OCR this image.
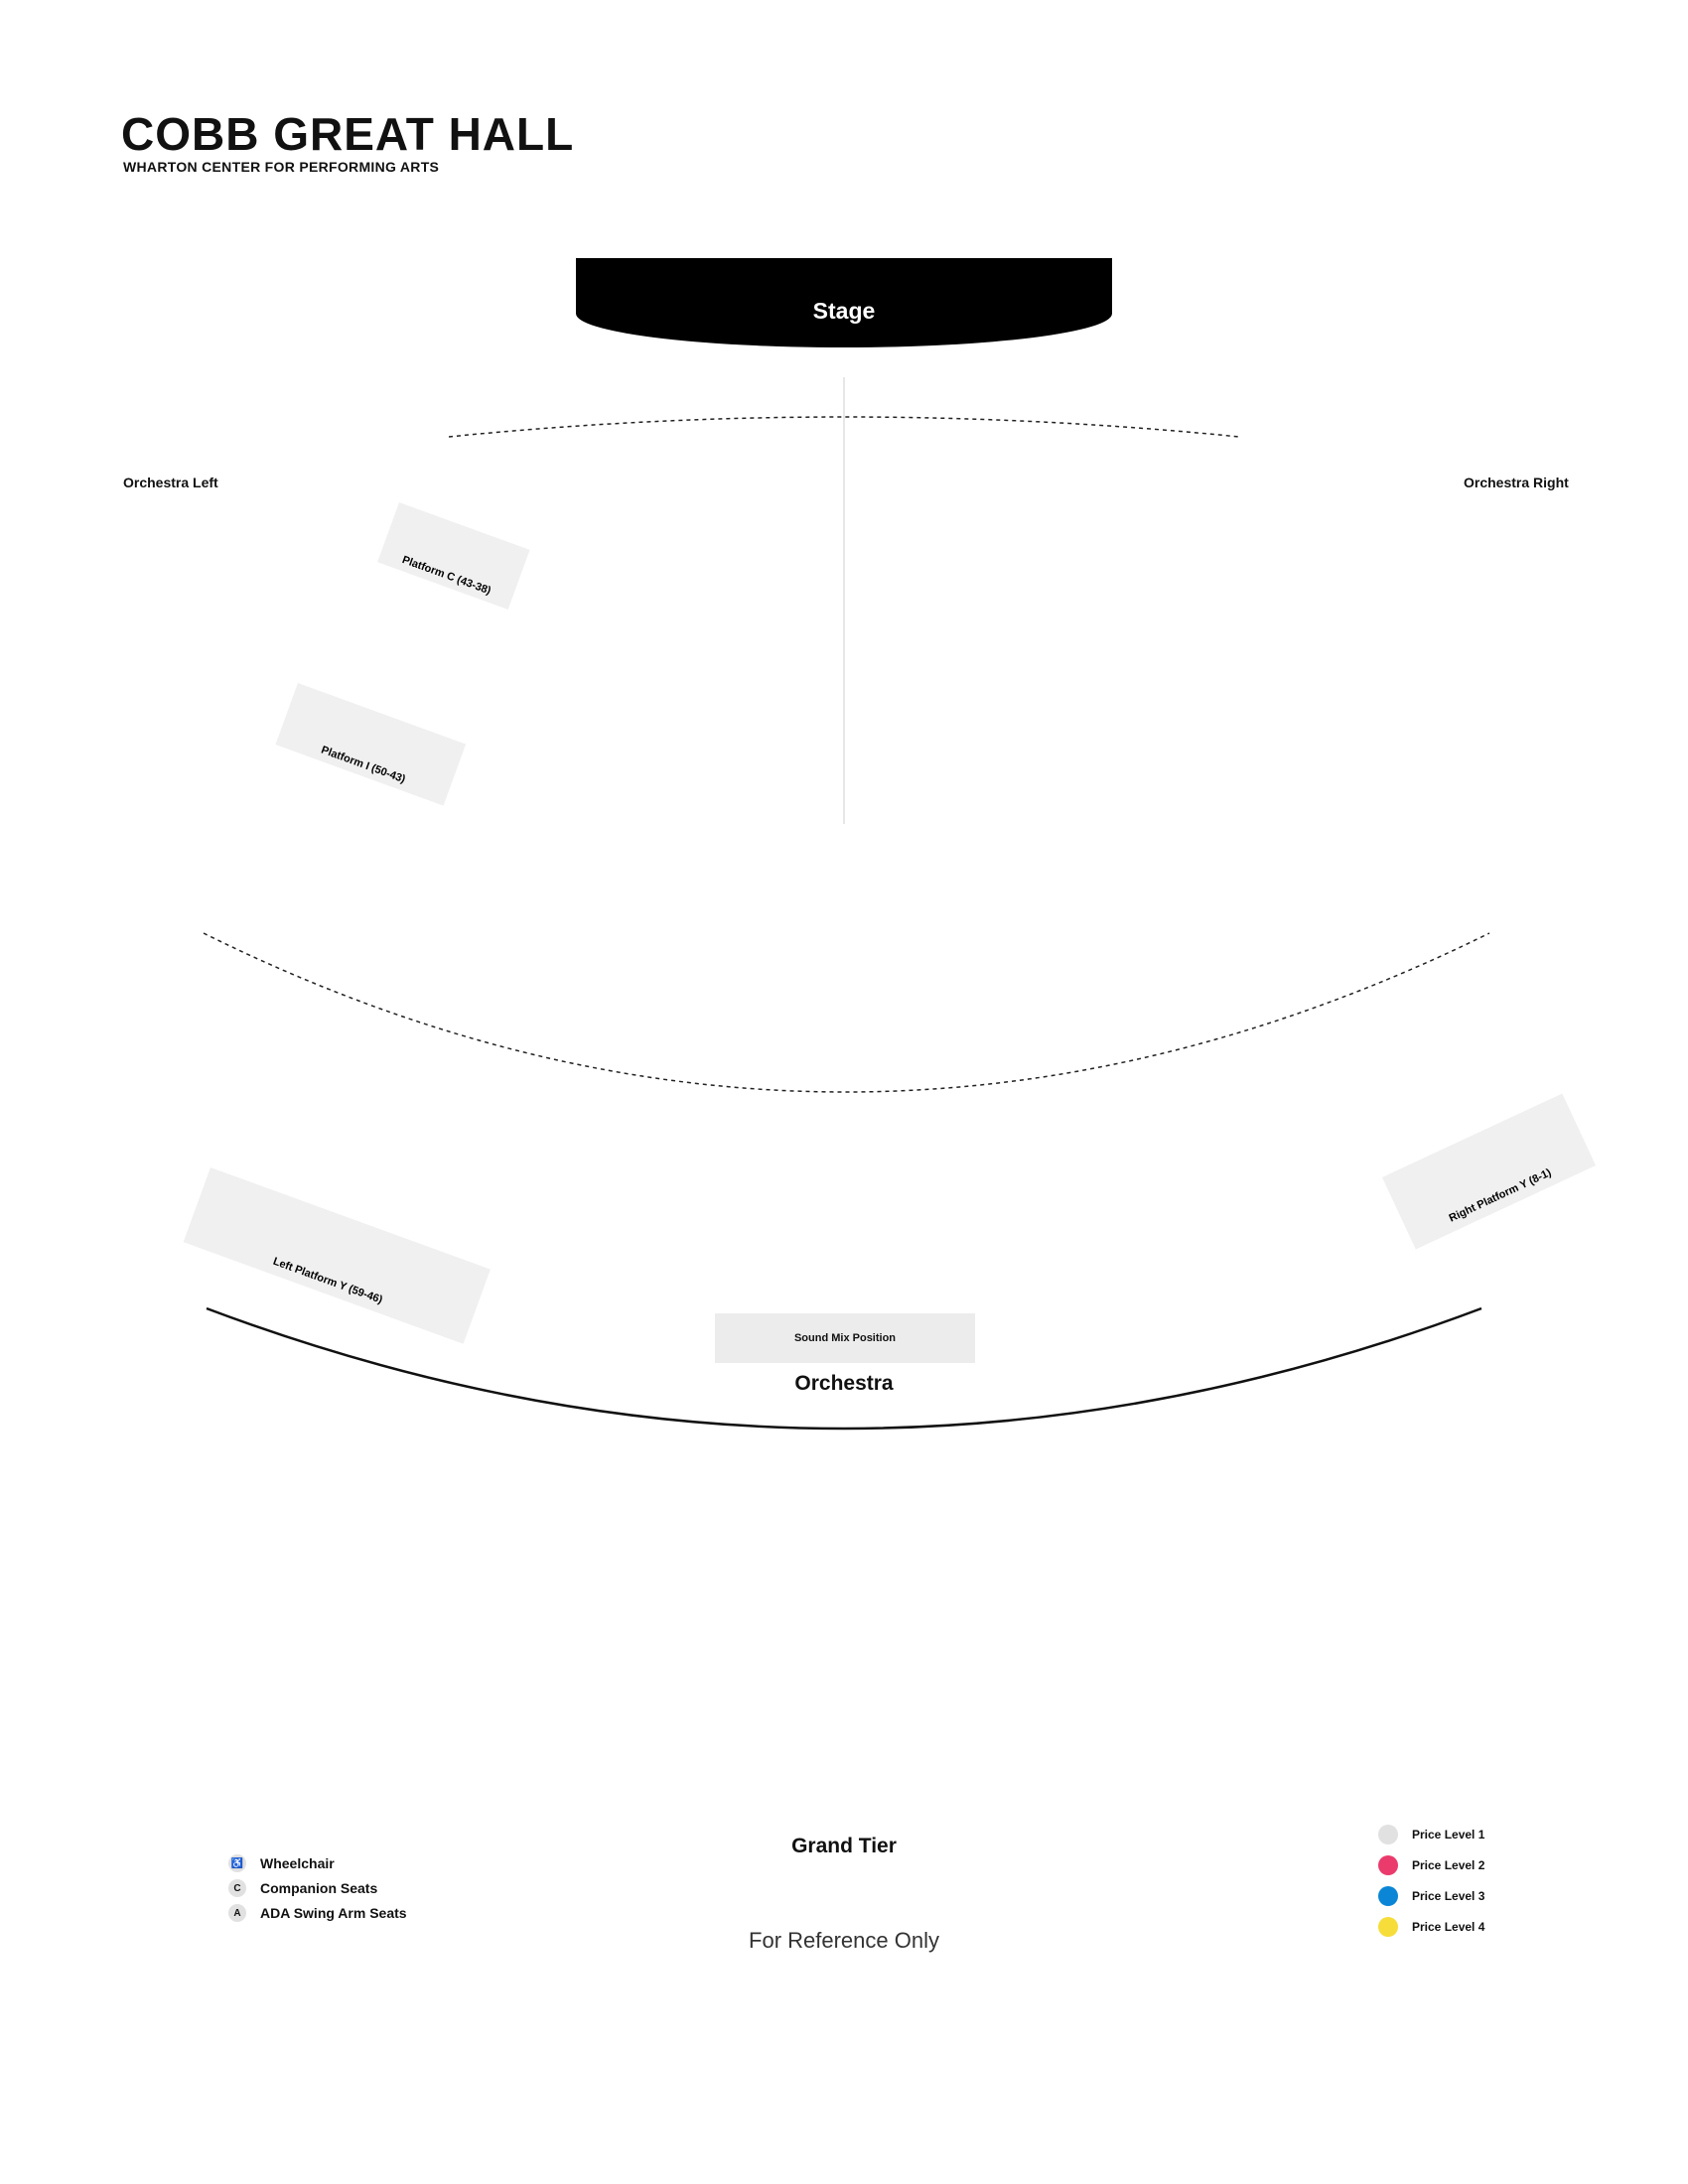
COBB GREAT HALL
WHARTON CENTER FOR PERFORMING ARTS
Stage
Orchestra Left	Orchestra Right
Platform C (43-38)
Platform I (50-43)
Left Platform Y (59-46)
Right Platform Y (8-1)
Sound Mix Position
Orchestra
Grand Tier
For Reference Only
♿ Wheelchair
C	Companion Seats
A	ADA Swing Arm Seats
Price Level 1
Price Level 2
Price Level 3
Price Level 4
